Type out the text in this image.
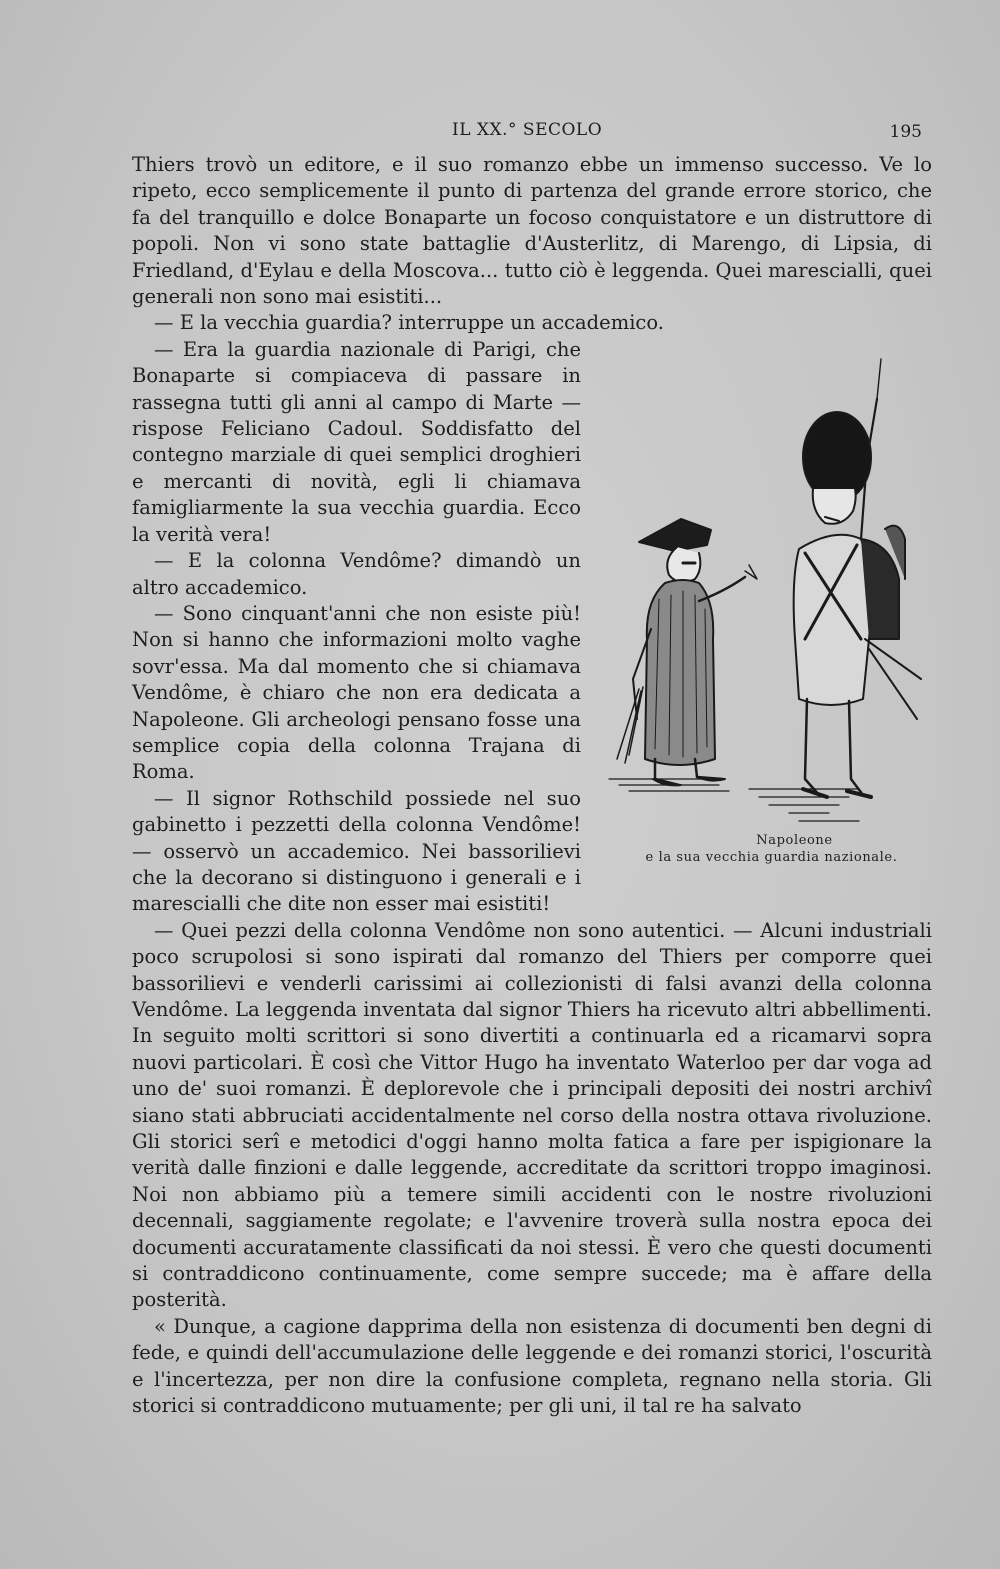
IL XX.° SECOLO	195

Thiers trovò un editore, e il suo romanzo ebbe un immenso successo. Ve lo ripeto, ecco semplicemente il punto di partenza del grande errore storico, che fa del tranquillo e dolce Bonaparte un focoso conquistatore e un distruttore di popoli. Non vi sono state battaglie d'Austerlitz, di Marengo, di Lipsia, di Friedland, d'Eylau e della Moscova... tutto ciò è leggenda. Quei marescialli, quei generali non sono mai esistiti...

— E la vecchia guardia? interruppe un accademico.

Napoleone
e la sua vecchia guardia nazionale.

— Era la guardia nazionale di Parigi, che Bonaparte si compiaceva di passare in rassegna tutti gli anni al campo di Marte — rispose Feliciano Cadoul. Soddisfatto del contegno marziale di quei semplici droghieri e mercanti di novità, egli li chiamava famigliarmente la sua vecchia guardia. Ecco la verità vera!

— E la colonna Vendôme? dimandò un altro accademico.

— Sono cinquant'anni che non esiste più! Non si hanno che informazioni molto vaghe sovr'essa. Ma dal momento che si chiamava Vendôme, è chiaro che non era dedicata a Napoleone. Gli archeologi pensano fosse una semplice copia della colonna Trajana di Roma.

— Il signor Rothschild possiede nel suo gabinetto i pezzetti della colonna Vendôme! — osservò un accademico. Nei bassorilievi che la decorano si distinguono i generali e i marescialli che dite non esser mai esistiti!

— Quei pezzi della colonna Vendôme non sono autentici. — Alcuni industriali poco scrupolosi si sono ispirati dal romanzo del Thiers per comporre quei bassorilievi e venderli carissimi ai collezionisti di falsi avanzi della colonna Vendôme. La leggenda inventata dal signor Thiers ha ricevuto altri abbellimenti. In seguito molti scrittori si sono divertiti a continuarla ed a ricamarvi sopra nuovi particolari. È così che Vittor Hugo ha inventato Waterloo per dar voga ad uno de' suoi romanzi. È deplorevole che i principali depositi dei nostri archivî siano stati abbruciati accidentalmente nel corso della nostra ottava rivoluzione. Gli storici serî e metodici d'oggi hanno molta fatica a fare per ispigionare la verità dalle finzioni e dalle leggende, accreditate da scrittori troppo imaginosi. Noi non abbiamo più a temere simili accidenti con le nostre rivoluzioni decennali, saggiamente regolate; e l'avvenire troverà sulla nostra epoca dei documenti accuratamente classificati da noi stessi. È vero che questi documenti si contraddicono continuamente, come sempre succede; ma è affare della posterità.

« Dunque, a cagione dapprima della non esistenza di documenti ben degni di fede, e quindi dell'accumulazione delle leggende e dei romanzi storici, l'oscurità e l'incertezza, per non dire la confusione completa, regnano nella storia. Gli storici si contraddicono mutuamente; per gli uni, il tal re ha salvato
